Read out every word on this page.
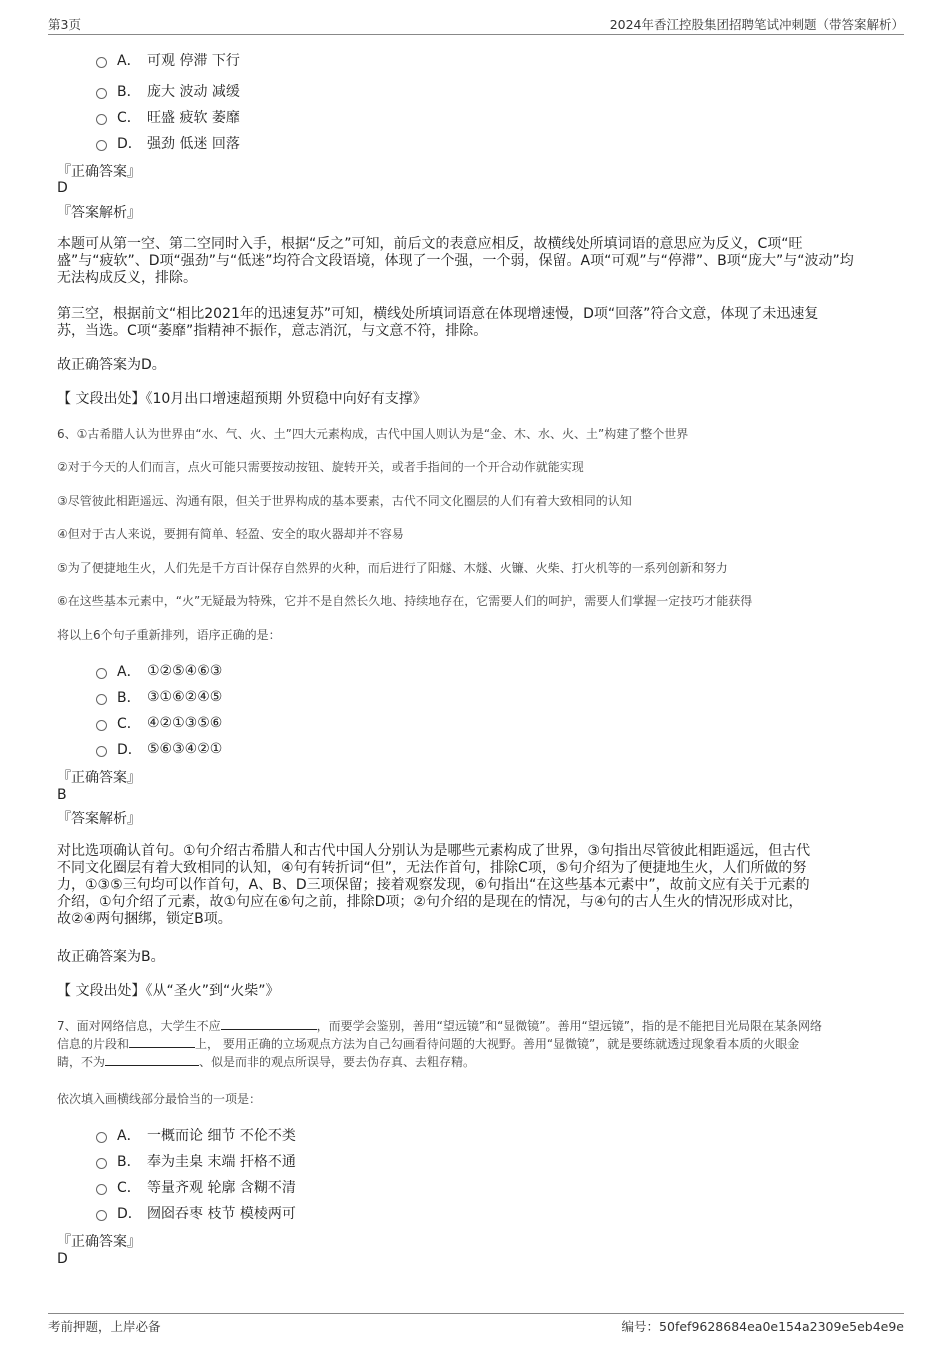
第3页	2024年香江控股集团招聘笔试冲刺题（带答案解析）
A． 可观 停滞 下行
B． 庞大 波动 减缓
C． 旺盛 疲软 萎靡
D． 强劲 低迷 回落
『正确答案』
D
『答案解析』
本题可从第一空、第二空同时入手，根据“反之”可知，前后文的表意应相反，故横线处所填词语的意思应为反义，C项“旺
盛”与“疲软”、D项“强劲”与“低迷”均符合文段语境，体现了一个强，一个弱，保留。A项“可观”与“停滞”、B项“庞大”与“波动”均
无法构成反义，排除。
第三空，根据前文“相比2021年的迅速复苏”可知，横线处所填词语意在体现增速慢，D项“回落”符合文意，体现了未迅速复
苏，当选。C项“萎靡”指精神不振作，意志消沉，与文意不符，排除。
故正确答案为D。
【 文段出处】《10月出口增速超预期 外贸稳中向好有支撑》
6、①古希腊人认为世界由“水、气、火、土”四大元素构成，古代中国人则认为是“金、木、水、火、土”构建了整个世界
②对于今天的人们而言，点火可能只需要按动按钮、旋转开关，或者手指间的一个开合动作就能实现
③尽管彼此相距遥远、沟通有限，但关于世界构成的基本要素，古代不同文化圈层的人们有着大致相同的认知
④但对于古人来说，要拥有简单、轻盈、安全的取火器却并不容易
⑤为了便捷地生火，人们先是千方百计保存自然界的火种，而后进行了阳燧、木燧、火镰、火柴、打火机等的一系列创新和努力
⑥在这些基本元素中，“火”无疑最为特殊，它并不是自然长久地、持续地存在，它需要人们的呵护，需要人们掌握一定技巧才能获得
将以上6个句子重新排列，语序正确的是：
A． ①②⑤④⑥③
B． ③①⑥②④⑤
C． ④②①③⑤⑥
D． ⑤⑥③④②①
『正确答案』
B
『答案解析』
对比选项确认首句。①句介绍古希腊人和古代中国人分别认为是哪些元素构成了世界，③句指出尽管彼此相距遥远，但古代
不同文化圈层有着大致相同的认知，④句有转折词“但”，无法作首句，排除C项，⑤句介绍为了便捷地生火，人们所做的努
力，①③⑤三句均可以作首句，A、B、D三项保留；接着观察发现，⑥句指出“在这些基本元素中”，故前文应有关于元素的
介绍，①句介绍了元素，故①句应在⑥句之前，排除D项；②句介绍的是现在的情况，与④句的古人生火的情况形成对比，
故②④两句捆绑，锁定B项。
故正确答案为B。
【 文段出处】《从“圣火”到“火柴”》
7、面对网络信息，大学生不应	，而要学会鉴别，善用“望远镜”和“显微镜”。善用“望远镜”，指的是不能把目光局限在某条网络
信息的片段和	上， 要用正确的立场观点方法为自己勾画看待问题的大视野。善用“显微镜”，就是要练就透过现象看本质的火眼金
睛，不为	、似是而非的观点所误导，要去伪存真、去粗存精。
依次填入画横线部分最恰当的一项是：
A． 一概而论 细节 不伦不类
B． 奉为圭臬 末端 扞格不通
C． 等量齐观 轮廓 含糊不清
D． 囫囵吞枣 枝节 模棱两可
『正确答案』
D
考前押题，上岸必备	编号：50fef9628684ea0e154a2309e5eb4e9e
